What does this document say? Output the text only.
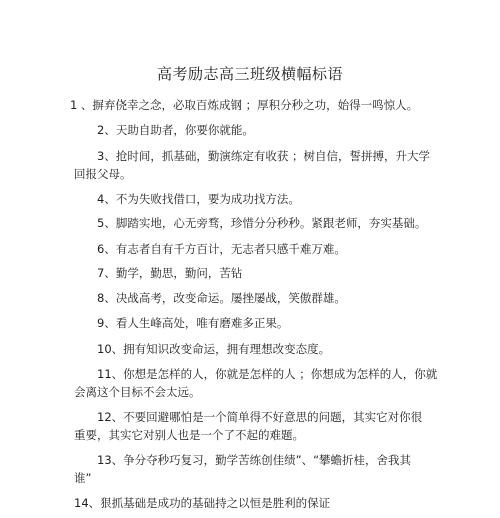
高考励志高三班级横幅标语
1 、摒弃侥幸之念，必取百炼成钢 ；厚积分秒之功，始得一鸣惊人。
2、天助自助者，你要你就能。
3、抢时间，抓基础，勤演练定有收获 ；树自信，誓拼搏，升大学
回报父母。
4、不为失败找借口，要为成功找方法。
5、脚踏实地，心无旁骛，珍惜分分秒秒。紧跟老师，夯实基础。
6、有志者自有千方百计，无志者只感千难万难。
7、勤学，勤思，勤问，苦钻
8、决战高考，改变命运。屡挫屡战，笑傲群雄。
9、看人生峰高处，唯有磨难多正果。
10、拥有知识改变命运，拥有理想改变态度。
11、你想是怎样的人，你就是怎样的人 ；你想成为怎样的人，你就
会离这个目标不会太远。
12、不要回避哪怕是一个简单得不好意思的问题，其实它对你很
重要，其实它对别人也是一个了不起的难题。
13、争分夺秒巧复习，勤学苦练创佳绩”、“攀蟾折桂，舍我其
谁”
14、狠抓基础是成功的基础持之以恒是胜利的保证
